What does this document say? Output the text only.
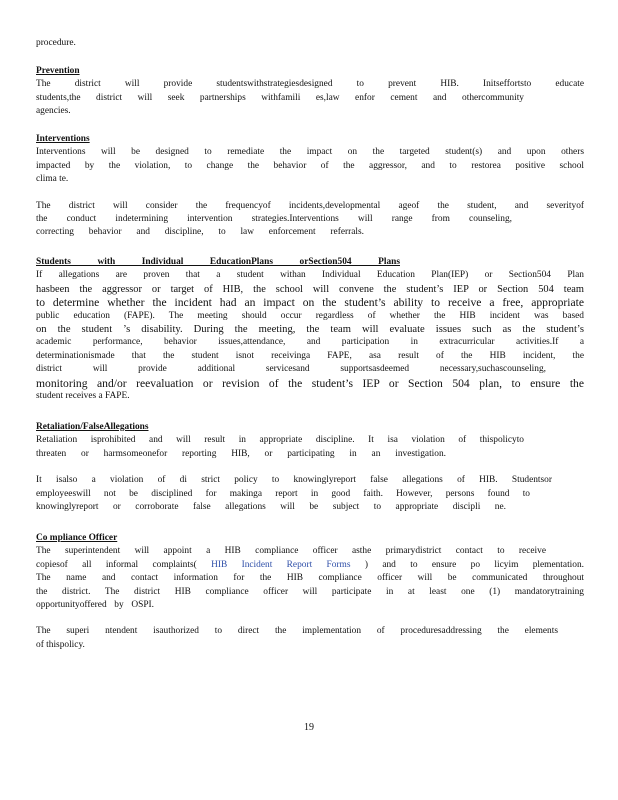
procedure.
Prevention
The district will provide studentswithstrategiesdesigned to prevent HIB. Initseffortsto educate
students,the district will seek partnerships withfamili es,law enfor cement and othercommunity
agencies.
Interventions
Interventions will be designed to remediate the impact on the targeted student(s) and upon others
impacted by the violation, to change the behavior of the aggressor, and to restorea positive school
clima te.
The district will consider the frequencyof incidents,developmental ageof the student, and severityof
the conduct indetermining intervention strategies.Interventions will range from counseling,
correcting behavior and discipline, to law enforcement referrals.
Students with Individual EducationPlans orSection504 Plans
If allegations are proven that a student withan Individual Education Plan(IEP) or Section504 Plan
hasbeen the aggressor or target of HIB, the school will convene the student’s IEP or Section 504 team
to determine whether the incident had an impact on the student’s ability to receive a free, appropriate
public education (FAPE). The meeting should occur regardless of whether the HIB incident was based
on the student ’s disability. During the meeting, the team will evaluate issues such as the student’s
academic performance, behavior issues,attendance, and participation in extracurricular activities.If a
determinationismade that the student isnot receivinga FAPE, asa result of the HIB incident, the
district will provide additional servicesand supportsasdeemed necessary,suchascounseling,
monitoring and/or reevaluation or revision of the student’s IEP or Section 504 plan, to ensure the
student receives a FAPE.
Retaliation/FalseAllegations
Retaliation isprohibited and will result in appropriate discipline. It isa violation of thispolicyto
threaten or harmsomeonefor reporting HIB, or participating in an investigation.
It isalso a violation of di strict policy to knowinglyreport false allegations of HIB. Studentsor
employeeswill not be disciplined for makinga report in good faith. However, persons found to
knowinglyreport or corroborate false allegations will be subject to appropriate discipli ne.
Co mpliance Officer
The superintendent will appoint a HIB compliance officer asthe primarydistrict contact to receive
copiesof all informal complaints( HIB Incident Report Forms ) and to ensure po licyim plementation.
The name and contact information for the HIB compliance officer will be communicated throughout
the district. The district HIB compliance officer will participate in at least one (1) mandatorytraining
opportunityoffered by OSPI.
The superi ntendent isauthorized to direct the implementation of proceduresaddressing the elements
of thispolicy.
19
